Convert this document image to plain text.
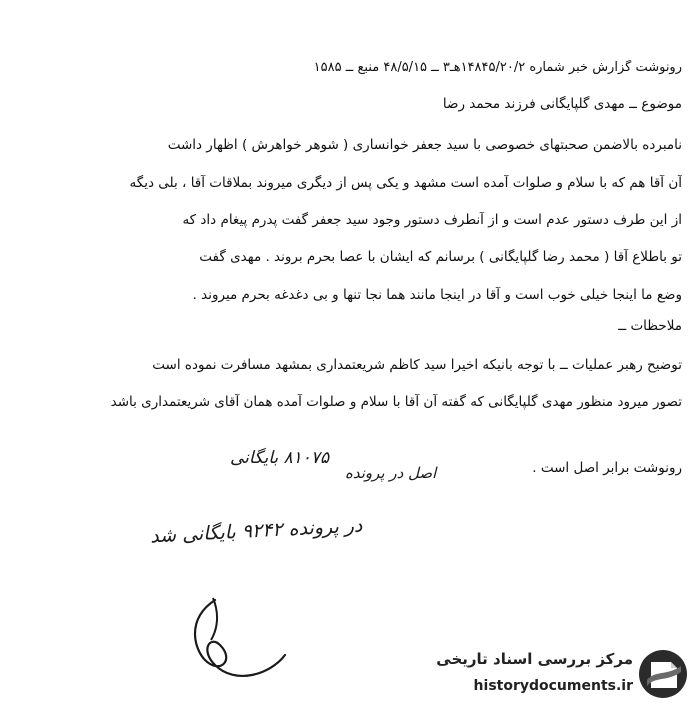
رونوشت گزارش خبر شماره ۱۴۸۴۵/۲۰/۲هـ۳ ــ ۴۸/۵/۱۵ منبع ــ ۱۵۸۵
موضوع ــ مهدی گلپایگانی فرزند محمد رضا
نامبرده بالاضمن صحبتهای خصوصی با سید جعفر خوانساری ( شوهر خواهرش ) اظهار داشت
آن آقا هم که با سلام و صلوات آمده است مشهد و یکی پس از دیگری میروند بملاقات آقا ، بلی دیگه
از این طرف دستور عدم است و از آنطرف دستور وجود سید جعفر گفت پدرم پیغام داد که
تو باطلاع آقا ( محمد رضا گلپایگانی ) برسانم که ایشان با عصا بحرم بروند . مهدی گفت
وضع ما اینجا خیلی خوب است و آقا در اینجا مانند هما نجا تنها و بی دغدغه بحرم میروند .
ملاحظات ــ
توضیح رهبر عملیات ــ با توجه بانیکه اخیرا سید کاظم شریعتمداری بمشهد مسافرت نموده است
تصور میرود منظور مهدی گلپایگانی که گفته آن آقا با سلام و صلوات آمده همان آقای شریعتمداری باشد
رونوشت برابر اصل است .
۸۱۰۷۵ بایگانی
اصل در پرونده
در پرونده ۹۲۴۲ بایگانی شد
مرکز بررسی اسناد تاریخی
historydocuments.ir
